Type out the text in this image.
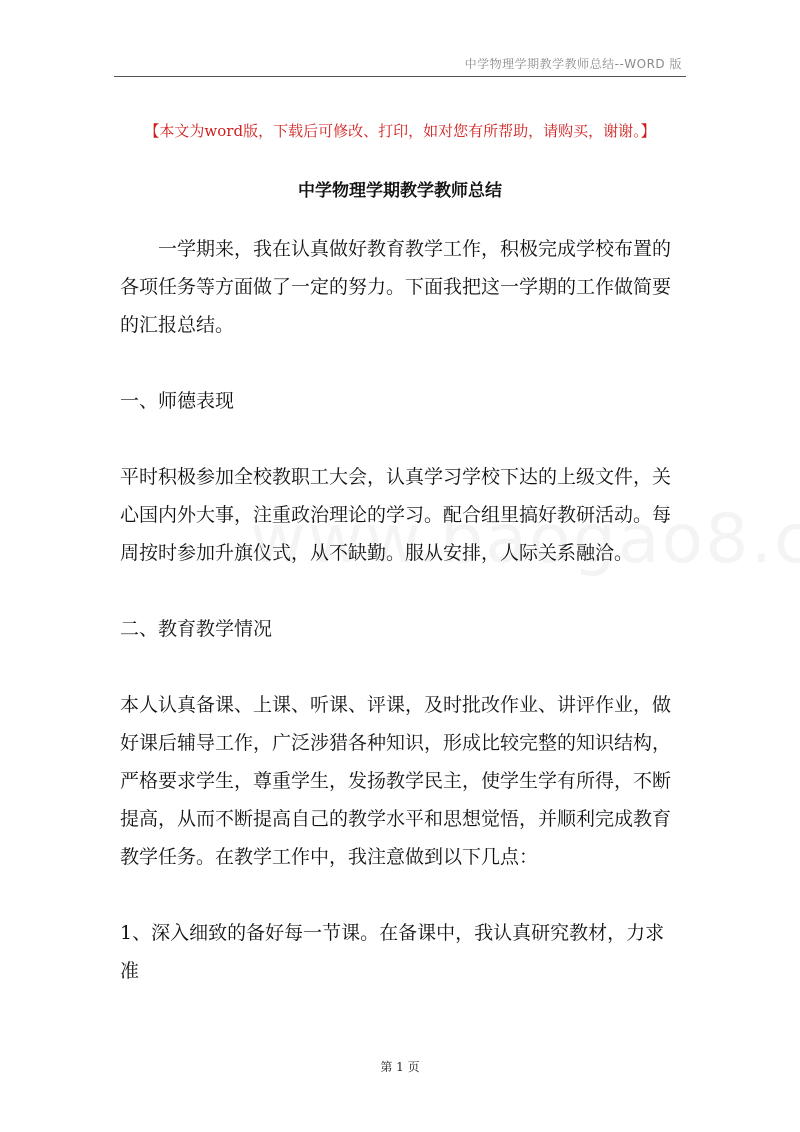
中学物理学期教学教师总结--WORD 版
【本文为word版，下载后可修改、打印，如对您有所帮助，请购买，谢谢。】
中学物理学期教学教师总结

一学期来，我在认真做好教育教学工作，积极完成学校布置的各项任务等方面做了一定的努力。下面我把这一学期的工作做简要的汇报总结。

一、师德表现

平时积极参加全校教职工大会，认真学习学校下达的上级文件，关心国内外大事，注重政治理论的学习。配合组里搞好教研活动。每周按时参加升旗仪式，从不缺勤。服从安排，人际关系融洽。

二、教育教学情况

本人认真备课、上课、听课、评课，及时批改作业、讲评作业，做好课后辅导工作，广泛涉猎各种知识，形成比较完整的知识结构，严格要求学生，尊重学生，发扬教学民主，使学生学有所得，不断提高，从而不断提高自己的教学水平和思想觉悟，并顺利完成教育教学任务。在教学工作中，我注意做到以下几点：

1、深入细致的备好每一节课。在备课中，我认真研究教材，力求准

第 1 页
